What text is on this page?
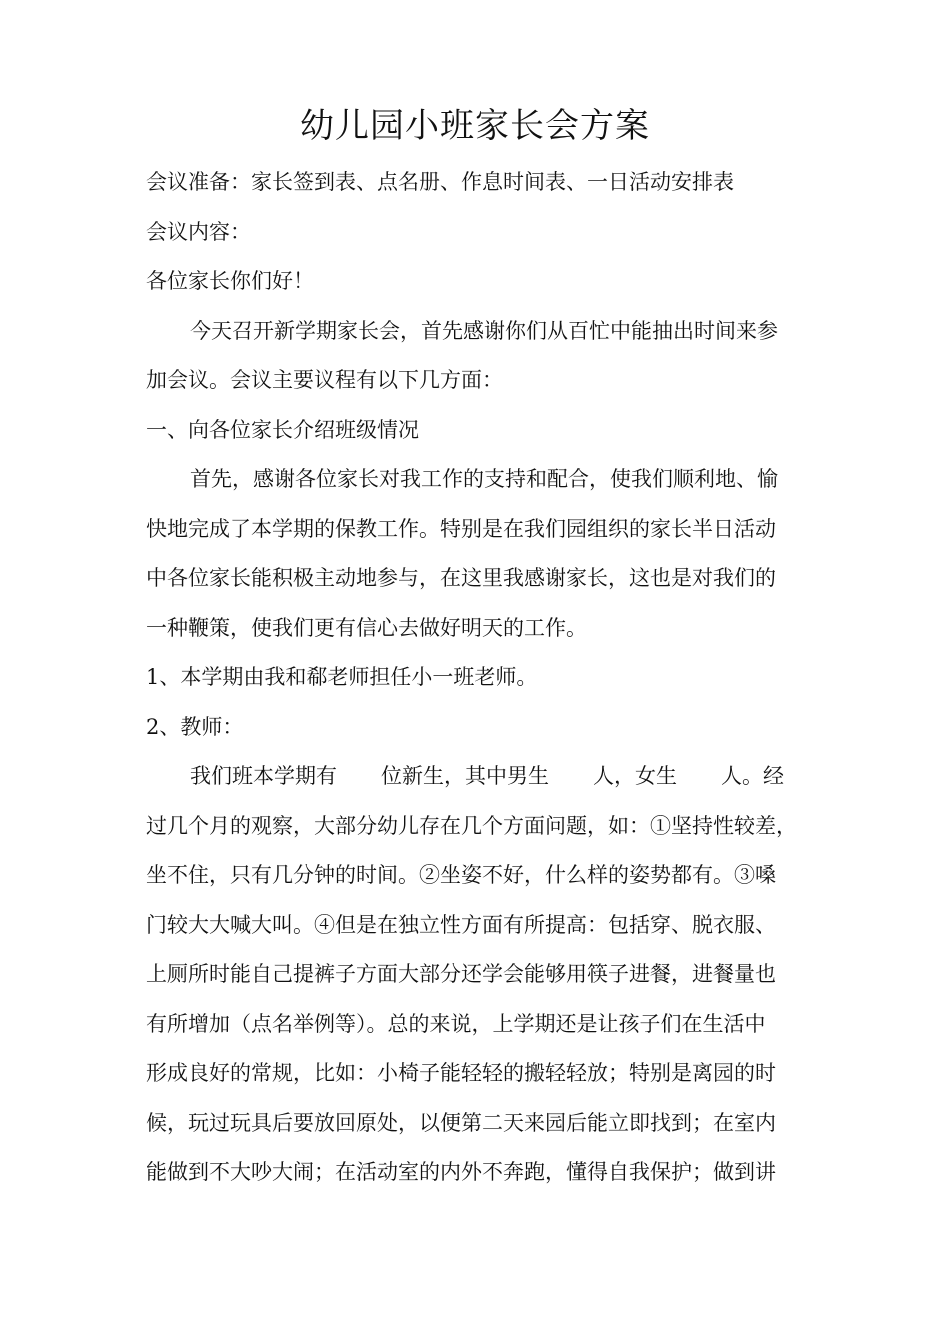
幼儿园小班家长会方案
会议准备：家长签到表、点名册、作息时间表、一日活动安排表
会议内容：
各位家长你们好！
今天召开新学期家长会，首先感谢你们从百忙中能抽出时间来参
加会议。会议主要议程有以下几方面：
一、向各位家长介绍班级情况
首先，感谢各位家长对我工作的支持和配合，使我们顺利地、愉
快地完成了本学期的保教工作。特别是在我们园组织的家长半日活动
中各位家长能积极主动地参与，在这里我感谢家长，这也是对我们的
一种鞭策，使我们更有信心去做好明天的工作。
1、本学期由我和郗老师担任小一班老师。
2、教师：
我们班本学期有 位新生，其中男生 人，女生 人。经
过几个月的观察，大部分幼儿存在几个方面问题，如：①坚持性较差，
坐不住，只有几分钟的时间。②坐姿不好，什么样的姿势都有。③嗓
门较大大喊大叫。④但是在独立性方面有所提高：包括穿、脱衣服、
上厕所时能自己提裤子方面大部分还学会能够用筷子进餐，进餐量也
有所增加（点名举例等）。总的来说，上学期还是让孩子们在生活中
形成良好的常规，比如：小椅子能轻轻的搬轻轻放；特别是离园的时
候，玩过玩具后要放回原处，以便第二天来园后能立即找到；在室内
能做到不大吵大闹；在活动室的内外不奔跑，懂得自我保护；做到讲
